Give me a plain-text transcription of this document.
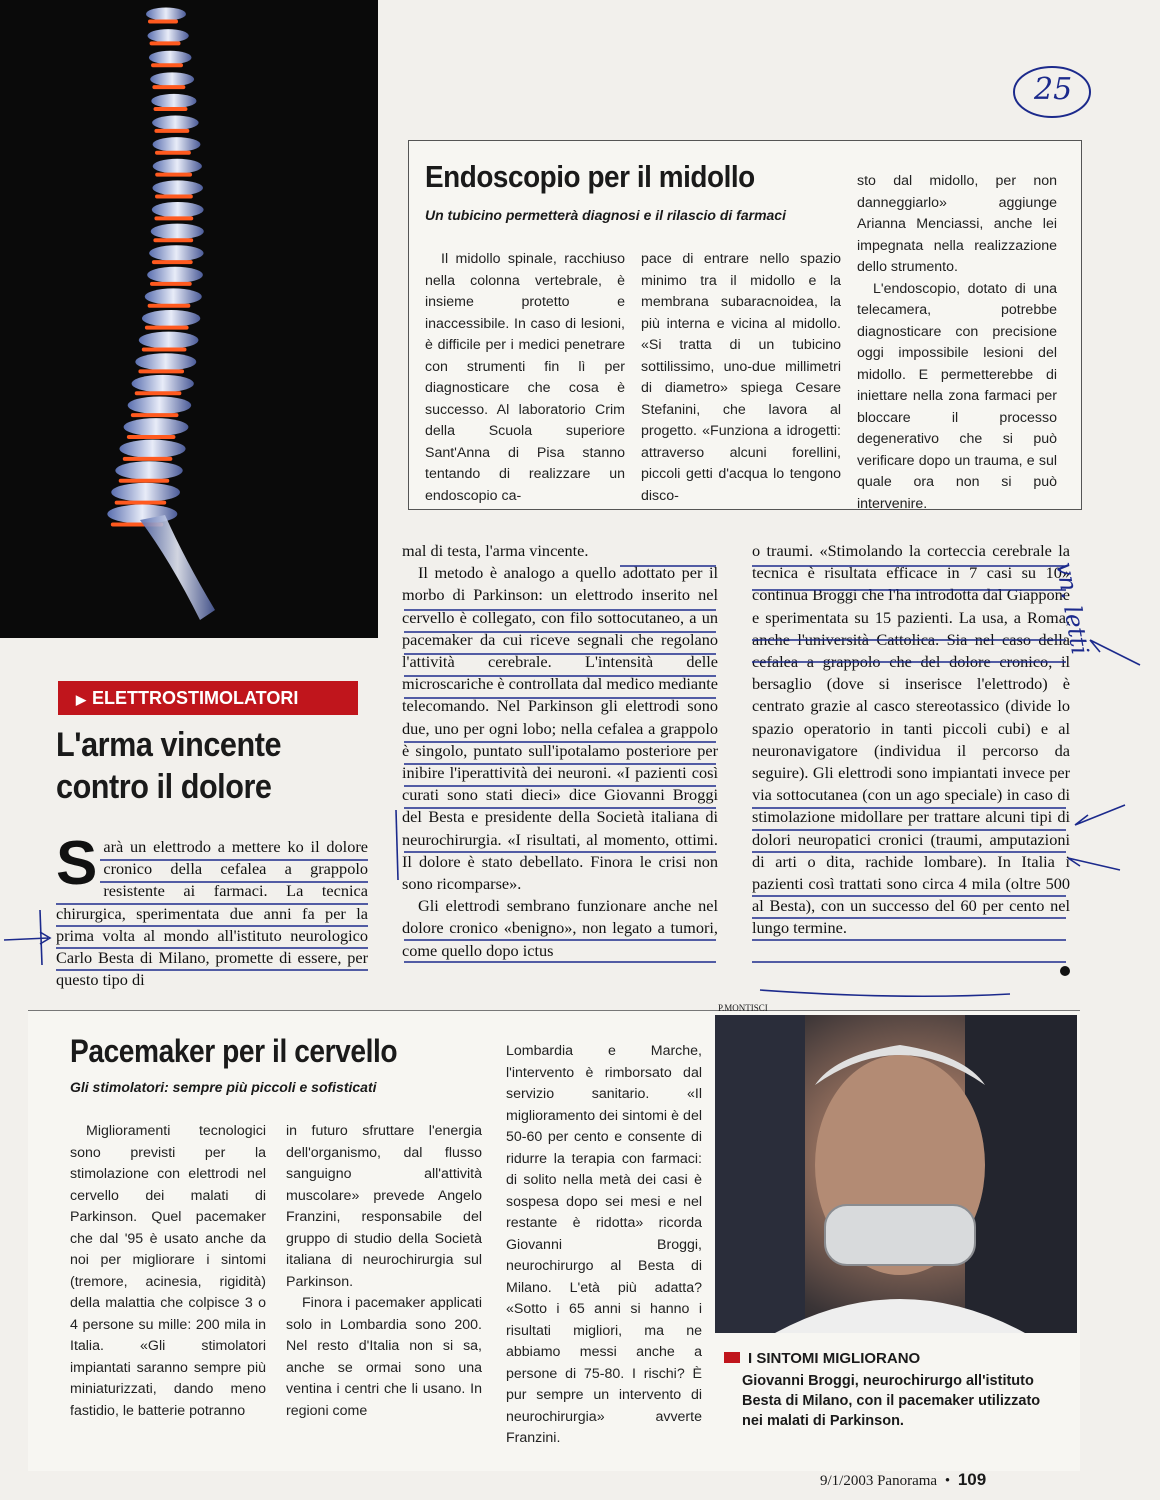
25
Endoscopio per il midollo
Un tubicino permetterà diagnosi e il rilascio di farmaci

Il midollo spinale, racchiuso nella colonna vertebrale, è insieme protetto e inaccessibile. In caso di lesioni, è difficile per i medici penetrare con strumenti fin lì per diagnosticare che cosa è successo. Al laboratorio Crim della Scuola superiore Sant'Anna di Pisa stanno tentando di realizzare un endoscopio ca-

pace di entrare nello spazio minimo tra il midollo e la membrana subaracnoidea, la più interna e vicina al midollo. «Si tratta di un tubicino sottilissimo, uno-due millimetri di diametro» spiega Cesare Stefanini, che lavora al progetto. «Funziona a idrogetti: attraverso alcuni forellini, piccoli getti d'acqua lo tengono disco-

sto dal midollo, per non danneggiarlo» aggiunge Arianna Menciassi, anche lei impegnata nella realizzazione dello strumento.

L'endoscopio, dotato di una telecamera, potrebbe diagnosticare con precisione oggi impossibile lesioni del midollo. E permetterebbe di iniettare nella zona farmaci per bloccare il processo degenerativo che si può verificare dopo un trauma, e sul quale ora non si può intervenire.

▶ ELETTROSTIMOLATORI
L'arma vincente
contro il dolore
S arà un elettrodo a mettere ko il dolore cronico della cefalea a grappolo resistente ai farmaci. La tecnica chirurgica, sperimentata due anni fa per la prima volta al mondo all'istituto neurologico Carlo Besta di Milano, promette di essere, per questo tipo di

mal di testa, l'arma vincente.

Il metodo è analogo a quello adottato per il morbo di Parkinson: un elettrodo inserito nel cervello è collegato, con filo sottocutaneo, a un pacemaker da cui riceve segnali che regolano l'attività cerebrale. L'intensità delle microscariche è controllata dal medico mediante telecomando. Nel Parkinson gli elettrodi sono due, uno per ogni lobo; nella cefalea a grappolo è singolo, puntato sull'ipotalamo posteriore per inibire l'iperattività dei neuroni. «I pazienti così curati sono stati dieci» dice Giovanni Broggi del Besta e presidente della Società italiana di neurochirurgia. «I risultati, al momento, ottimi. Il dolore è stato debellato. Finora le crisi non sono ricomparse».

Gli elettrodi sembrano funzionare anche nel dolore cronico «benigno», non legato a tumori, come quello dopo ictus

o traumi. «Stimolando la corteccia cerebrale la tecnica è risultata efficace in 7 casi su 10» continua Broggi che l'ha introdotta dal Giappone e sperimentata su 15 pazienti. La usa, a Roma, anche l'università Cattolica. Sia nel caso della cefalea a grappolo che del dolore cronico, il bersaglio (dove si inserisce l'elettrodo) è centrato grazie al casco stereotassico (divide lo spazio operatorio in tanti piccoli cubi) e al neuronavigatore (individua il percorso da seguire). Gli elettrodi sono impiantati invece per via sottocutanea (con un ago speciale) in caso di stimolazione midollare per trattare alcuni tipi di dolori neuropatici cronici (traumi, amputazioni di arti o dita, rachide lombare). In Italia i pazienti così trattati sono circa 4 mila (oltre 500 al Besta), con un successo del 60 per cento nel lungo termine.

vn. letti
Pacemaker per il cervello
Gli stimolatori: sempre più piccoli e sofisticati

Miglioramenti tecnologici sono previsti per la stimolazione con elettrodi nel cervello dei malati di Parkinson. Quel pacemaker che dal '95 è usato anche da noi per migliorare i sintomi (tremore, acinesia, rigidità) della malattia che colpisce 3 o 4 persone su mille: 200 mila in Italia. «Gli stimolatori impiantati saranno sempre più miniaturizzati, dando meno fastidio, le batterie potranno

in futuro sfruttare l'energia dell'organismo, dal flusso sanguigno all'attività muscolare» prevede Angelo Franzini, responsabile del gruppo di studio della Società italiana di neurochirurgia sul Parkinson.

Finora i pacemaker applicati solo in Lombardia sono 200. Nel resto d'Italia non si sa, anche se ormai sono una ventina i centri che li usano. In regioni come

Lombardia e Marche, l'intervento è rimborsato dal servizio sanitario. «Il miglioramento dei sintomi è del 50-60 per cento e consente di ridurre la terapia con farmaci: di solito nella metà dei casi è sospesa dopo sei mesi e nel restante è ridotta» ricorda Giovanni Broggi, neurochirurgo al Besta di Milano. L'età più adatta? «Sotto i 65 anni si hanno i risultati migliori, ma ne abbiamo messi anche a persone di 75-80. I rischi? È pur sempre un intervento di neurochirurgia» avverte Franzini.

P.MONTISCI
I SINTOMI MIGLIORANO
Giovanni Broggi, neurochirurgo all'istituto Besta di Milano, con il pacemaker utilizzato nei malati di Parkinson.
9/1/2003 Panorama • 109
